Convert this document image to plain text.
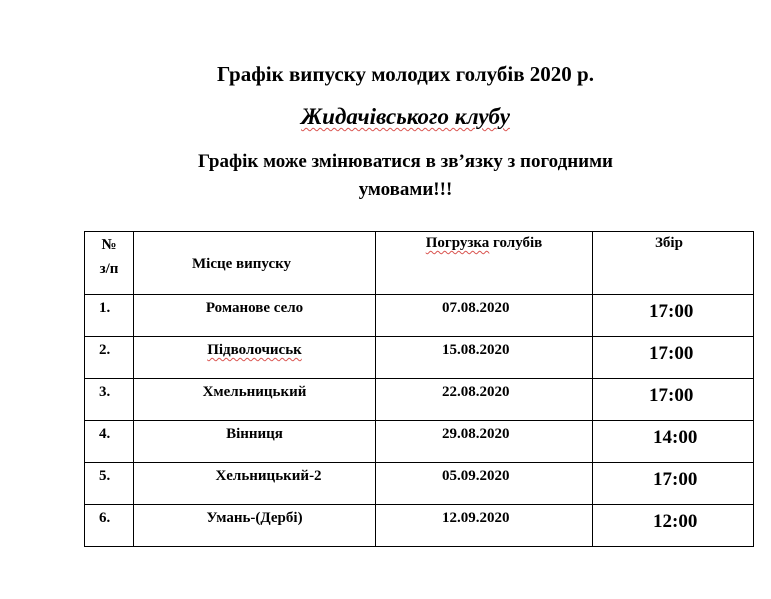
Графік випуску молодих голубів 2020 р.
Жидачівського клубу
Графік може змінюватися в зв’язку з погодними
умовами!!!
№
з/п	Місце випуску	Погрузка голубів	Збір

1.	Романове село	07.08.2020	17:00

2.	Підволочиськ	15.08.2020	17:00

3.	Хмельницький	22.08.2020	17:00

4.	Вінниця	29.08.2020	14:00

5.	Хельницький-2	05.09.2020	17:00

6.	Умань-(Дербі)	12.09.2020	12:00
